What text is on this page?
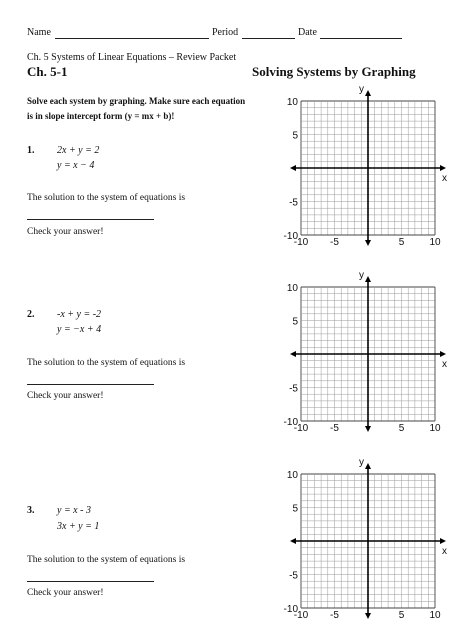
Name	Period	Date
Ch. 5 Systems of Linear Equations – Review Packet
Ch. 5-1	Solving Systems by Graphing
Solve each system by graphing. Make sure each equation
is in slope intercept form (y = mx + b)!
1. 2x + y = 2
y = x − 4
The solution to the system of equations is
Check your answer!
2. -x + y = -2
y = −x + 4
The solution to the system of equations is
Check your answer!
3. y = x - 3
3x + y = 1
The solution to the system of equations is
Check your answer!
y
x
10
5
-5
-10
-10 -5	5	10
y
x
10
5
-5
-10
-10 -5	5	10
y
x
10
5
-5
-10
-10 -5	5	10
